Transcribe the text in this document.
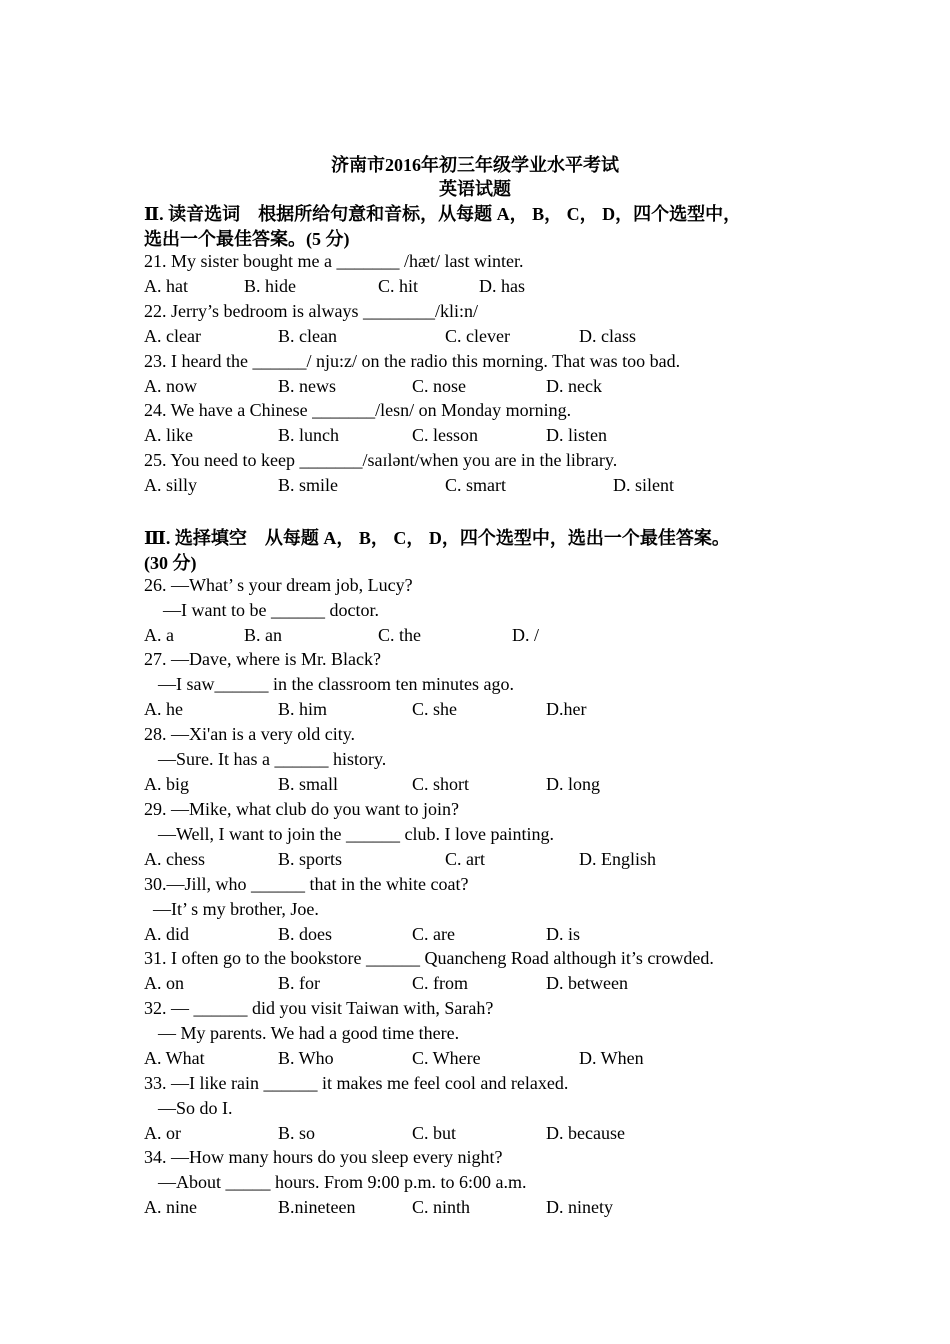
济南市2016年初三年级学业水平考试
英语试题
Ⅱ. 读音选词　根据所给句意和音标，从每题 A， B， C， D，四个选型中，
选出一个最佳答案。(5 分)
21. My sister bought me a _______ /hæt/ last winter.
A. hat	B. hide	C. hit	D. has
22. Jerry’s bedroom is always ________/kli:n/
A. clear	B. clean	C. clever	D. class
23. I heard the ______/ nju:z/ on the radio this morning. That was too bad.
A. now	B. news	C. nose	D. neck
24. We have a Chinese _______/lesn/ on Monday morning.
A. like	B. lunch	C. lesson	D. listen
25. You need to keep _______/saɪlənt/when you are in the library.
A. silly	B. smile	C. smart	D. silent
Ⅲ. 选择填空　从每题 A， B， C， D，四个选型中，选出一个最佳答案。
(30 分)
26. —What’ s your dream job, Lucy?
—I want to be ______ doctor.
A. a	B. an	C. the	D. /
27. —Dave, where is Mr. Black?
—I saw______ in the classroom ten minutes ago.
A. he	B. him	C. she	D.her
28. —Xi'an is a very old city.
—Sure. It has a ______ history.
A. big	B. small	C. short	D. long
29. —Mike, what club do you want to join?
—Well, I want to join the ______ club. I love painting.
A. chess	B. sports	C. art	D. English
30.—Jill, who ______ that in the white coat?
—It’ s my brother, Joe.
A. did	B. does	C. are	D. is
31. I often go to the bookstore ______ Quancheng Road although it’s crowded.
A. on	B. for	C. from	D. between
32. — ______ did you visit Taiwan with, Sarah?
— My parents. We had a good time there.
A. What	B. Who	C. Where	D. When
33. —I like rain ______ it makes me feel cool and relaxed.
—So do I.
A. or	B. so	C. but	D. because
34. —How many hours do you sleep every night?
—About _____ hours. From 9:00 p.m. to 6:00 a.m.
A. nine	B.nineteen	C. ninth	D. ninety
